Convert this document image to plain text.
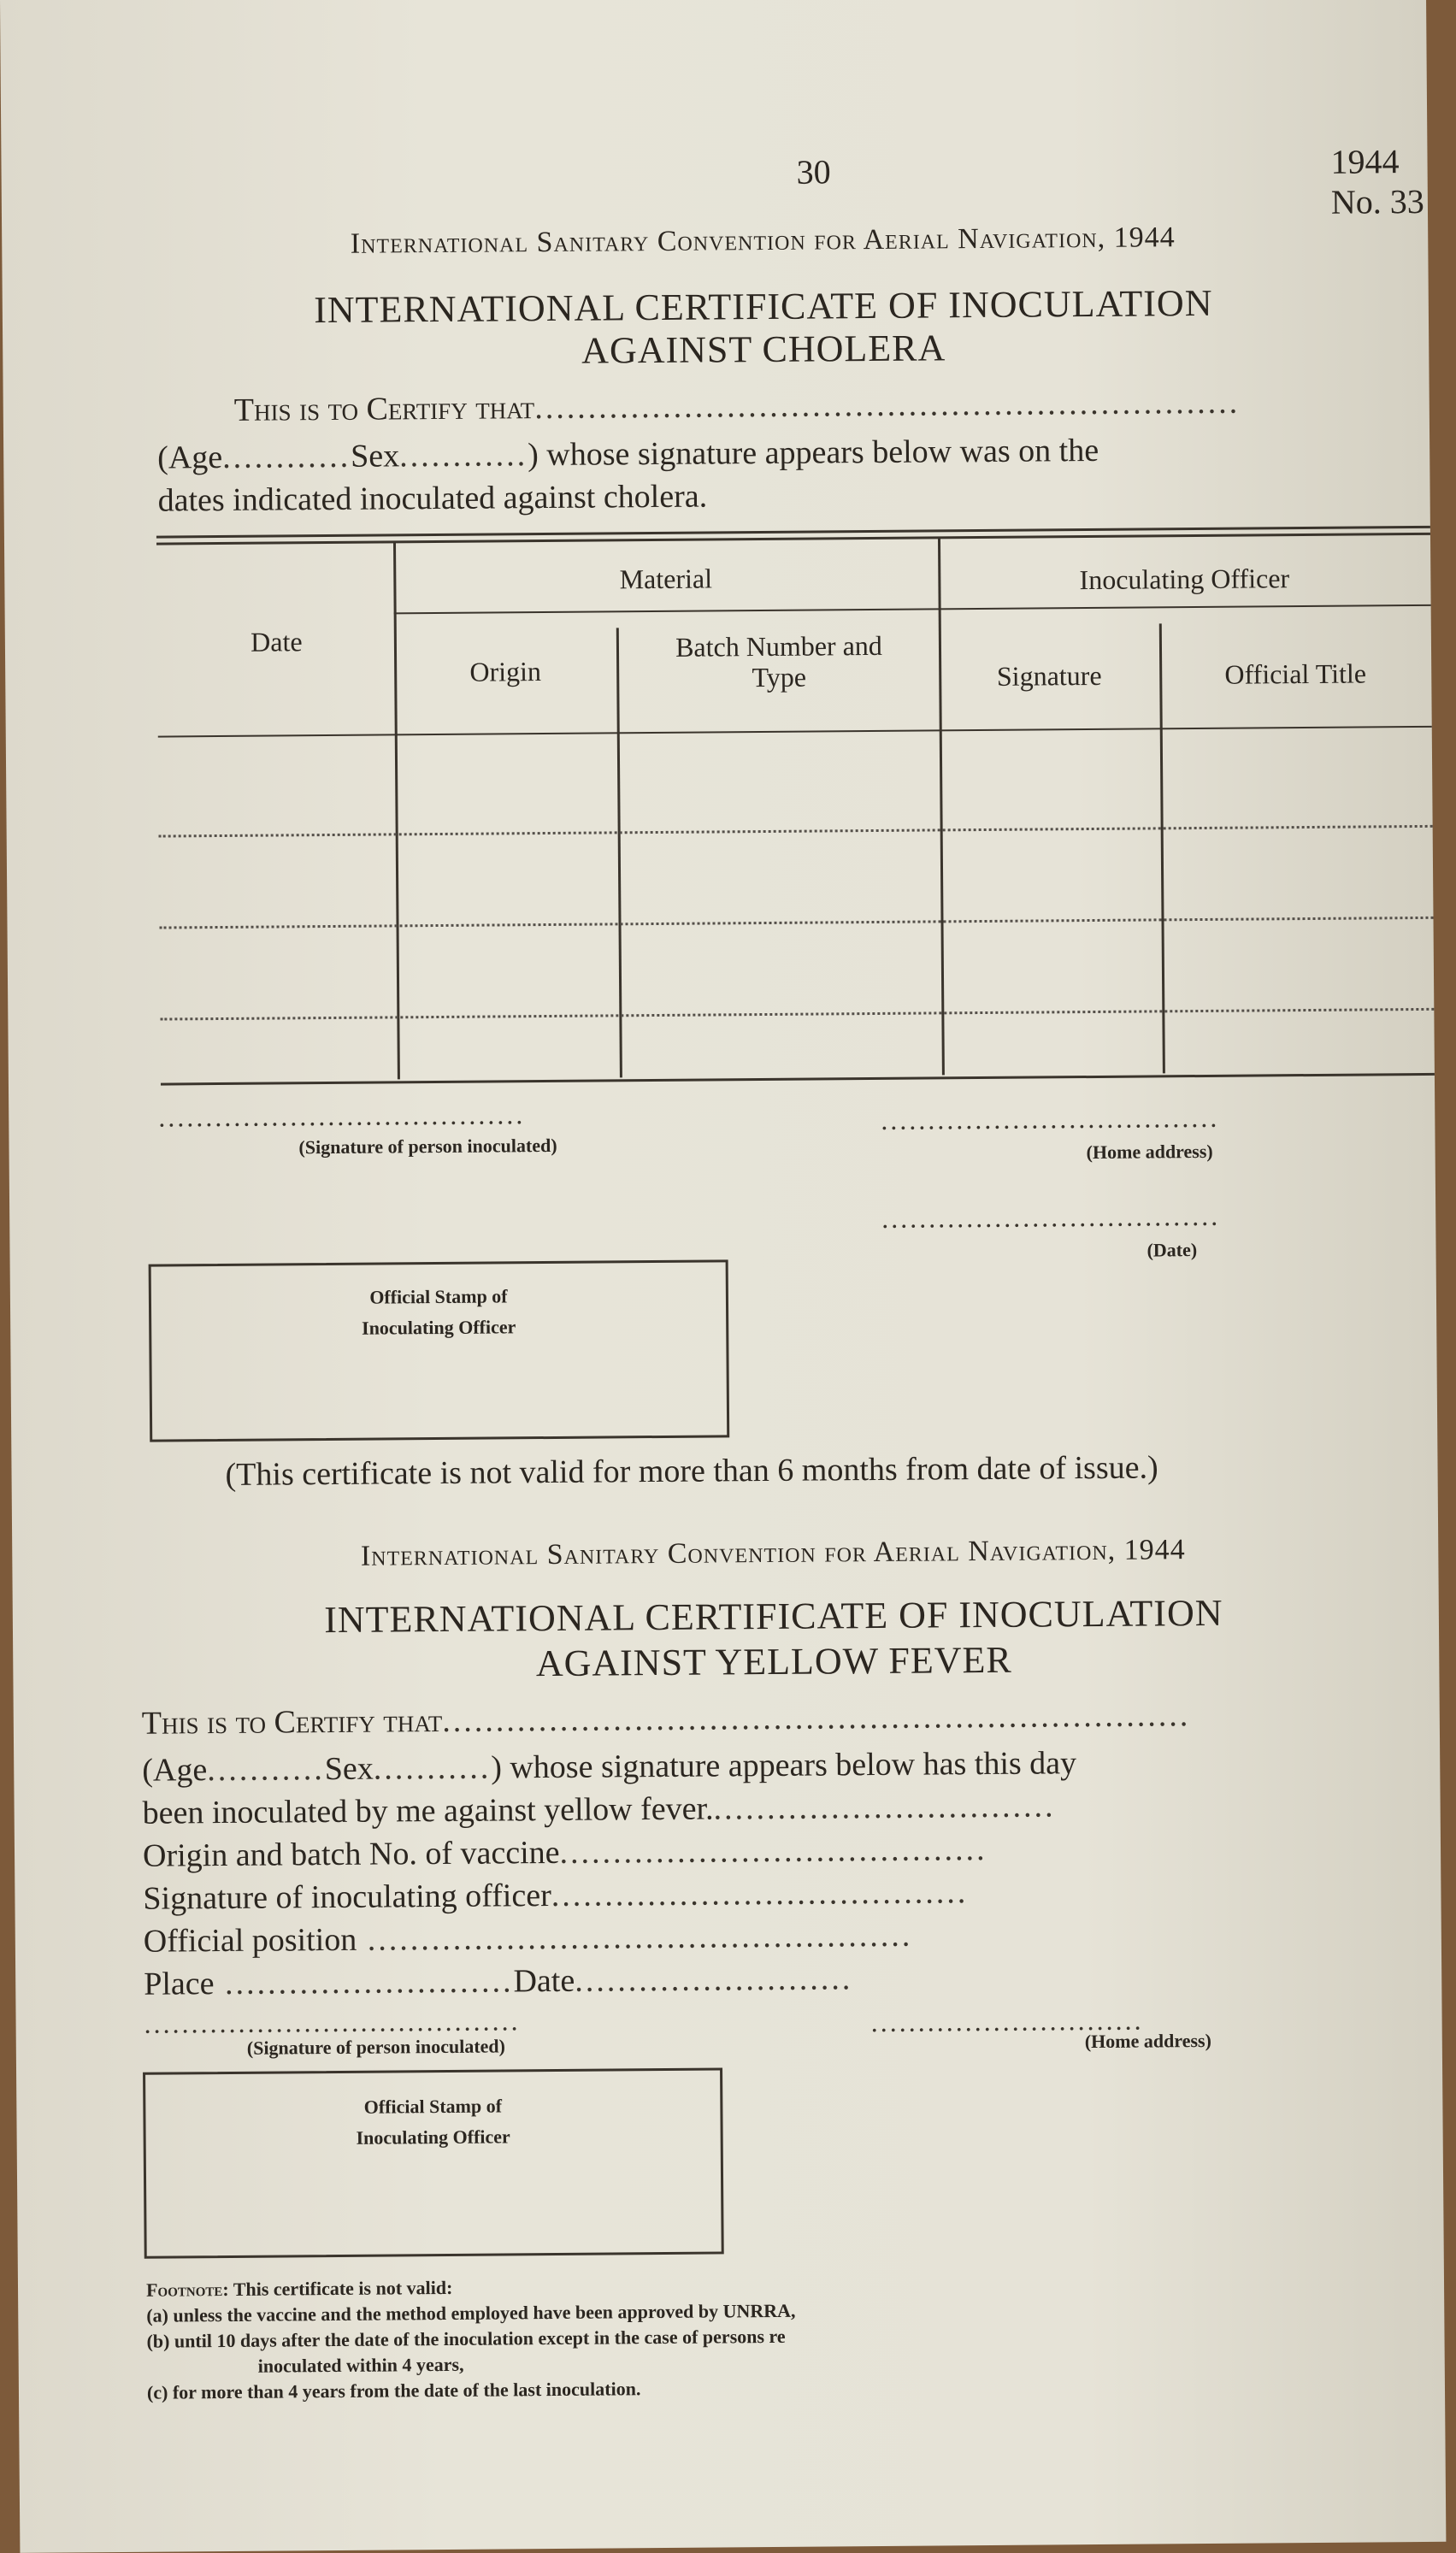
30	1944 No. 33
International Sanitary Convention for Aerial Navigation, 1944
INTERNATIONAL CERTIFICATE OF INOCULATION
AGAINST CHOLERA
This is to Certify that..................................................................
(Age............Sex............) whose signature appears below was on the
dates indicated inoculated against cholera.
Date
Material
Origin
Batch Number and Type
Inoculating Officer
Signature	Official Title
.......................................
(Signature of person inoculated)
....................................
(Home address)
....................................
(Date)
Official Stamp of Inoculating Officer
(This certificate is not valid for more than 6 months from date of issue.)
International Sanitary Convention for Aerial Navigation, 1944
INTERNATIONAL CERTIFICATE OF INOCULATION
AGAINST YELLOW FEVER
This is to Certify that......................................................................
(Age...........Sex...........) whose signature appears below has this day
been inoculated by me against yellow fever.................................
Origin and batch No. of vaccine........................................
Signature of inoculating officer.......................................
Official position ...................................................
Place ...........................Date..........................
........................................
(Signature of person inoculated)
.............................
(Home address)
Official Stamp of Inoculating Officer
Footnote: This certificate is not valid:
(a) unless the vaccine and the method employed have been approved by UNRRA,
(b) until 10 days after the date of the inoculation except in the case of persons re
inoculated within 4 years,
(c) for more than 4 years from the date of the last inoculation.
